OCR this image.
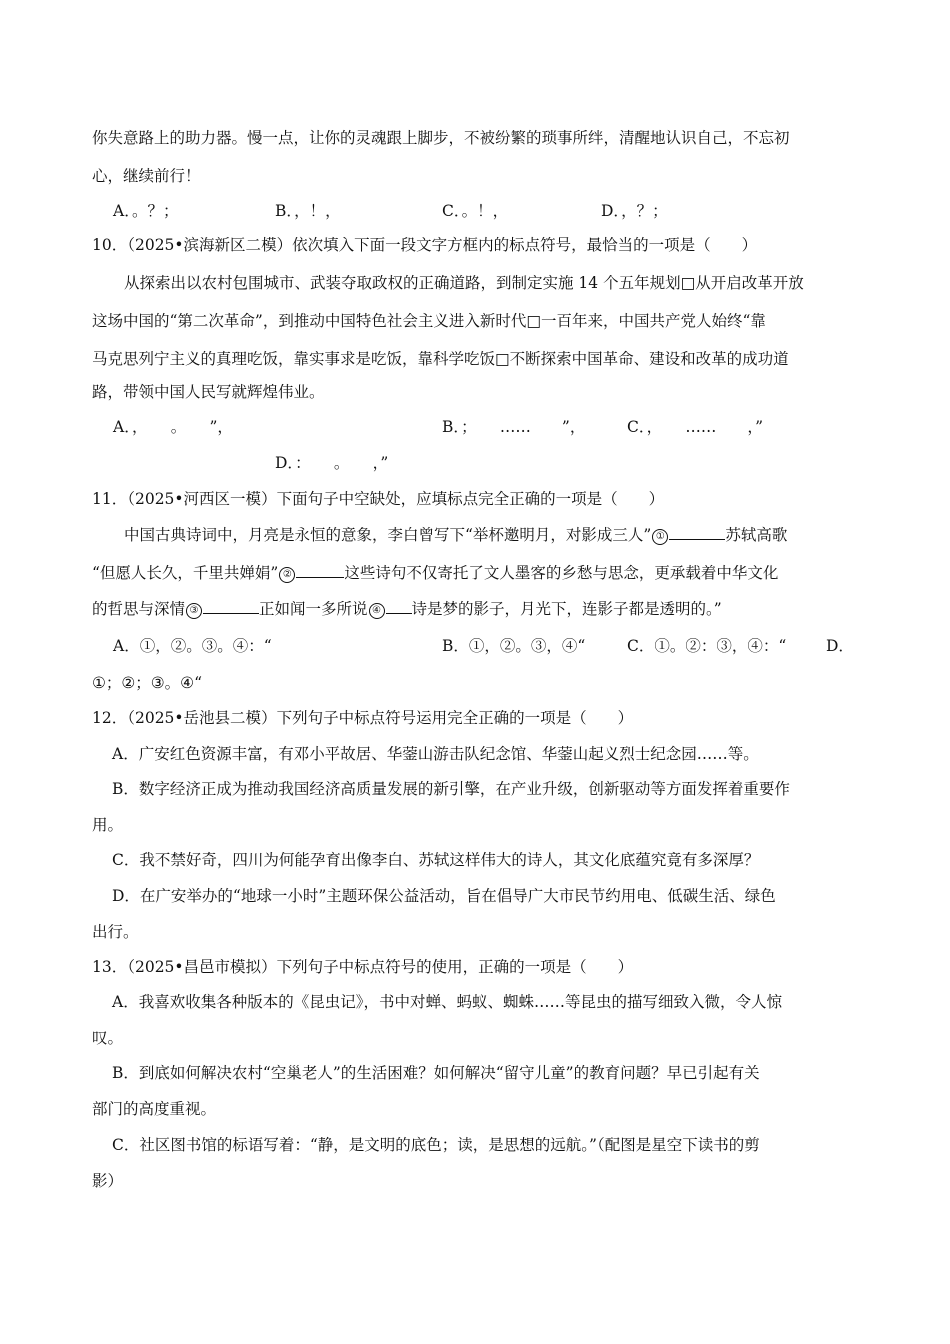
你失意路上的助力器。慢一点，让你的灵魂跟上脚步，不被纷繁的琐事所绊，清醒地认识自己，不忘初
心，继续前行！
A．。？；	B．，！，	C．。！，	D．，？；
10．（2025•滨海新区二模）依次填入下面一段文字方框内的标点符号，最恰当的一项是（　　）
从探索出以农村包围城市、武装夺取政权的正确道路，到制定实施 14 个五年规划□从开启改革开放
这场中国的“第二次革命”，到推动中国特色社会主义进入新时代□一百年来，中国共产党人始终“靠
马克思列宁主义的真理吃饭，靠实事求是吃饭，靠科学吃饭□不断探索中国革命、建设和改革的成功道
路，带领中国人民写就辉煌伟业。
A．，　　。　　”，	B．；　　……　　”，	C．，　　……　　，”
D．：　　。　　，”
11．（2025•河西区一模）下面句子中空缺处，应填标点完全正确的一项是（　　）
中国古典诗词中，月亮是永恒的意象，李白曾写下“举杯邀明月，对影成三人” ①	苏轼高歌
“但愿人长久，千里共婵娟” ②	这些诗句不仅寄托了文人墨客的乡愁与思念，更承载着中华文化
的哲思与深情 ③	正如闻一多所说 ④ 诗是梦的影子，月光下，连影子都是透明的。”
A．①，②。③。④：“	B．①，②。③，④“	C．①。②：③，④：“	D．
①；②；③。④“
12．（2025•岳池县二模）下列句子中标点符号运用完全正确的一项是（　　）
A．广安红色资源丰富，有邓小平故居、华蓥山游击队纪念馆、华蓥山起义烈士纪念园……等。
B．数字经济正成为推动我国经济高质量发展的新引擎，在产业升级，创新驱动等方面发挥着重要作
用。
C．我不禁好奇，四川为何能孕育出像李白、苏轼这样伟大的诗人，其文化底蕴究竟有多深厚？
D．在广安举办的“地球一小时”主题环保公益活动，旨在倡导广大市民节约用电、低碳生活、绿色
出行。
13．（2025•昌邑市模拟）下列句子中标点符号的使用，正确的一项是（　　）
A．我喜欢收集各种版本的《昆虫记》，书中对蝉、蚂蚁、蜘蛛……等昆虫的描写细致入微，令人惊
叹。
B．到底如何解决农村“空巢老人”的生活困难？如何解决“留守儿童”的教育问题？早已引起有关
部门的高度重视。
C．社区图书馆的标语写着：“静，是文明的底色；读，是思想的远航。”（配图是星空下读书的剪
影）
